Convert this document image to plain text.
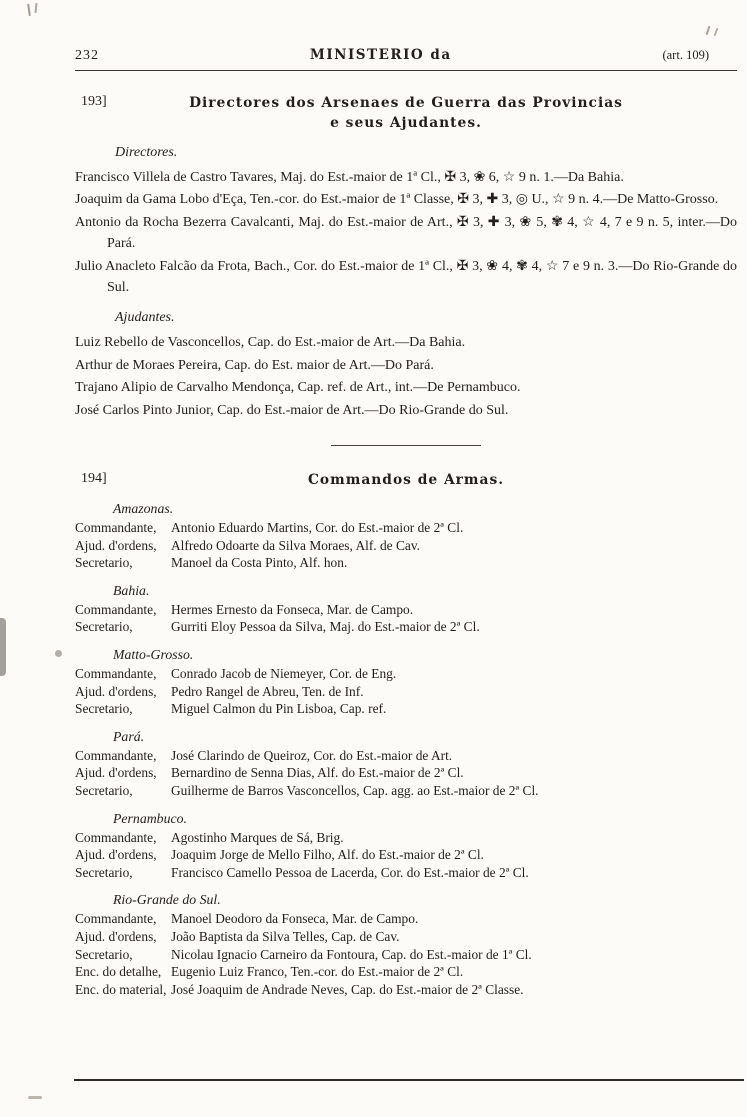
232	MINISTERIO da	(art. 109)
193]	Directores dos Arsenaes de Guerra das Provincias
e seus Ajudantes.
Directores.

Francisco Villela de Castro Tavares, Maj. do Est.-maior de 1ª Cl., ✠ 3, ❀ 6, ☆ 9 n. 1.—Da Bahia.

Joaquim da Gama Lobo d'Eça, Ten.-cor. do Est.-maior de 1ª Classe, ✠ 3, ✚ 3, ◎ U., ☆ 9 n. 4.—De Matto-Grosso.

Antonio da Rocha Bezerra Cavalcanti, Maj. do Est.-maior de Art., ✠ 3, ✚ 3, ❀ 5, ✾ 4, ☆ 4, 7 e 9 n. 5, inter.—Do Pará.

Julio Anacleto Falcão da Frota, Bach., Cor. do Est.-maior de 1ª Cl., ✠ 3, ❀ 4, ✾ 4, ☆ 7 e 9 n. 3.—Do Rio-Grande do Sul.

Ajudantes.

Luiz Rebello de Vasconcellos, Cap. do Est.-maior de Art.—Da Bahia.

Arthur de Moraes Pereira, Cap. do Est. maior de Art.—Do Pará.

Trajano Alipio de Carvalho Mendonça, Cap. ref. de Art., int.—De Pernambuco.

José Carlos Pinto Junior, Cap. do Est.-maior de Art.—Do Rio-Grande do Sul.

194]	Commandos de Armas.
Amazonas.
Commandante,	Antonio Eduardo Martins, Cor. do Est.-maior de 2ª Cl.
Ajud. d'ordens,	Alfredo Odoarte da Silva Moraes, Alf. de Cav.
Secretario,	Manoel da Costa Pinto, Alf. hon.
Bahia.
Commandante,	Hermes Ernesto da Fonseca, Mar. de Campo.
Secretario,	Gurriti Eloy Pessoa da Silva, Maj. do Est.-maior de 2ª Cl.
Matto-Grosso.
Commandante,	Conrado Jacob de Niemeyer, Cor. de Eng.
Ajud. d'ordens,	Pedro Rangel de Abreu, Ten. de Inf.
Secretario,	Miguel Calmon du Pin Lisboa, Cap. ref.
Pará.
Commandante,	José Clarindo de Queiroz, Cor. do Est.-maior de Art.
Ajud. d'ordens,	Bernardino de Senna Dias, Alf. do Est.-maior de 2ª Cl.
Secretario,	Guilherme de Barros Vasconcellos, Cap. agg. ao Est.-maior de 2ª Cl.
Pernambuco.
Commandante,	Agostinho Marques de Sá, Brig.
Ajud. d'ordens,	Joaquim Jorge de Mello Filho, Alf. do Est.-maior de 2ª Cl.
Secretario,	Francisco Camello Pessoa de Lacerda, Cor. do Est.-maior de 2ª Cl.
Rio-Grande do Sul.
Commandante,	Manoel Deodoro da Fonseca, Mar. de Campo.
Ajud. d'ordens,	João Baptista da Silva Telles, Cap. de Cav.
Secretario,	Nicolau Ignacio Carneiro da Fontoura, Cap. do Est.-maior de 1ª Cl.
Enc. do detalhe, Eugenio Luiz Franco, Ten.-cor. do Est.-maior de 2ª Cl.
Enc. do material, José Joaquim de Andrade Neves, Cap. do Est.-maior de 2ª Classe.
